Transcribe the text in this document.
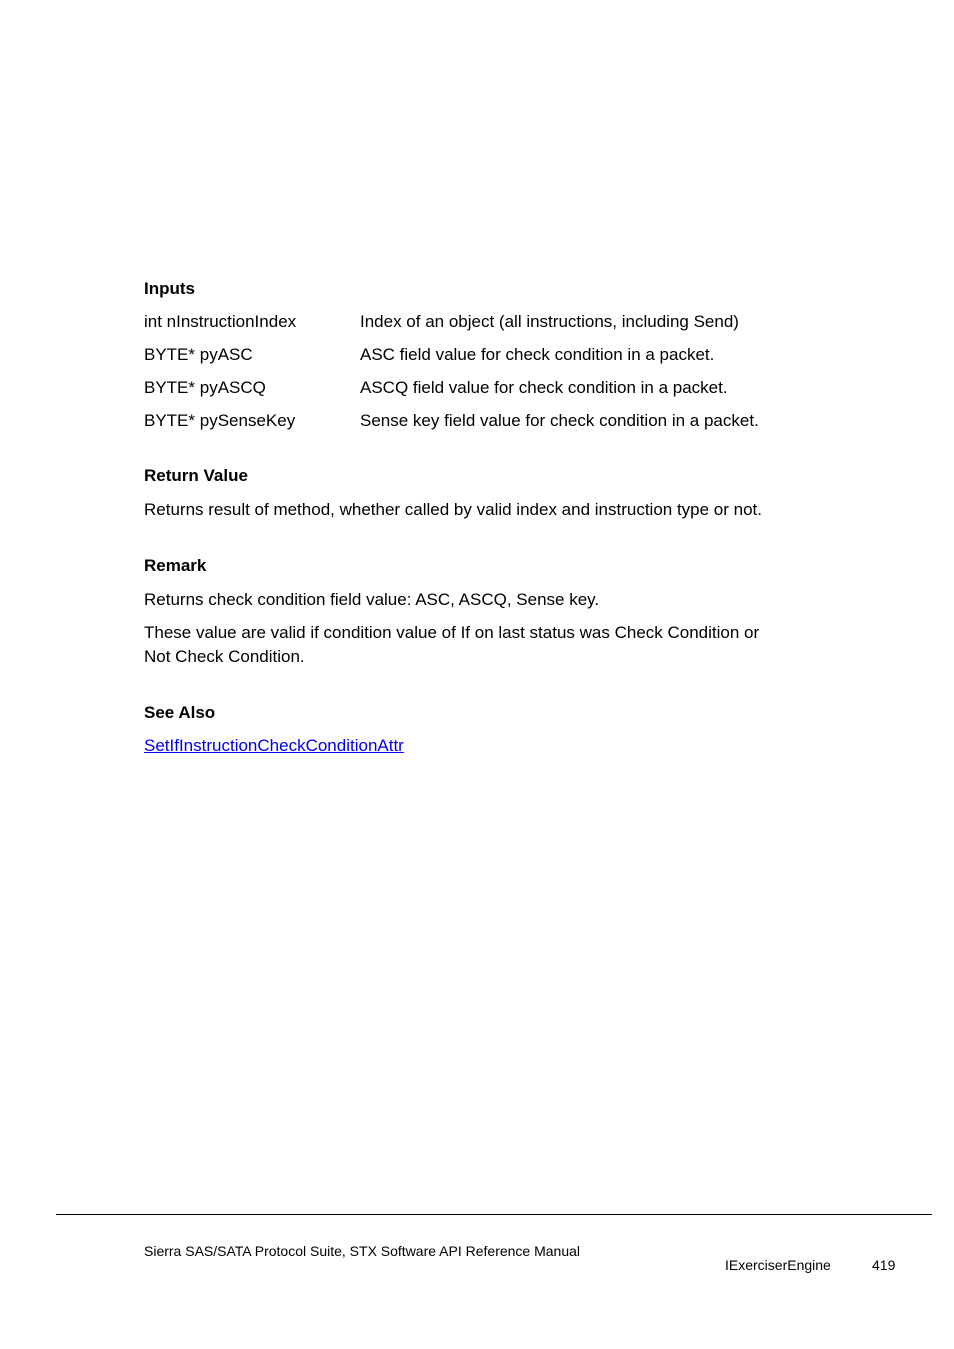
Inputs
int nInstructionIndex	Index of an object (all instructions, including Send)
BYTE* pyASC	ASC field value for check condition in a packet.
BYTE* pyASCQ	ASCQ field value for check condition in a packet.
BYTE* pySenseKey	Sense key field value for check condition in a packet.
Return Value
Returns result of method, whether called by valid index and instruction type or not.
Remark
Returns check condition field value: ASC, ASCQ, Sense key.
These value are valid if condition value of If on last status was Check Condition or Not Check Condition.
See Also
SetIfInstructionCheckConditionAttr
Sierra SAS/SATA Protocol Suite, STX Software API Reference Manual
IExerciserEngine	419
